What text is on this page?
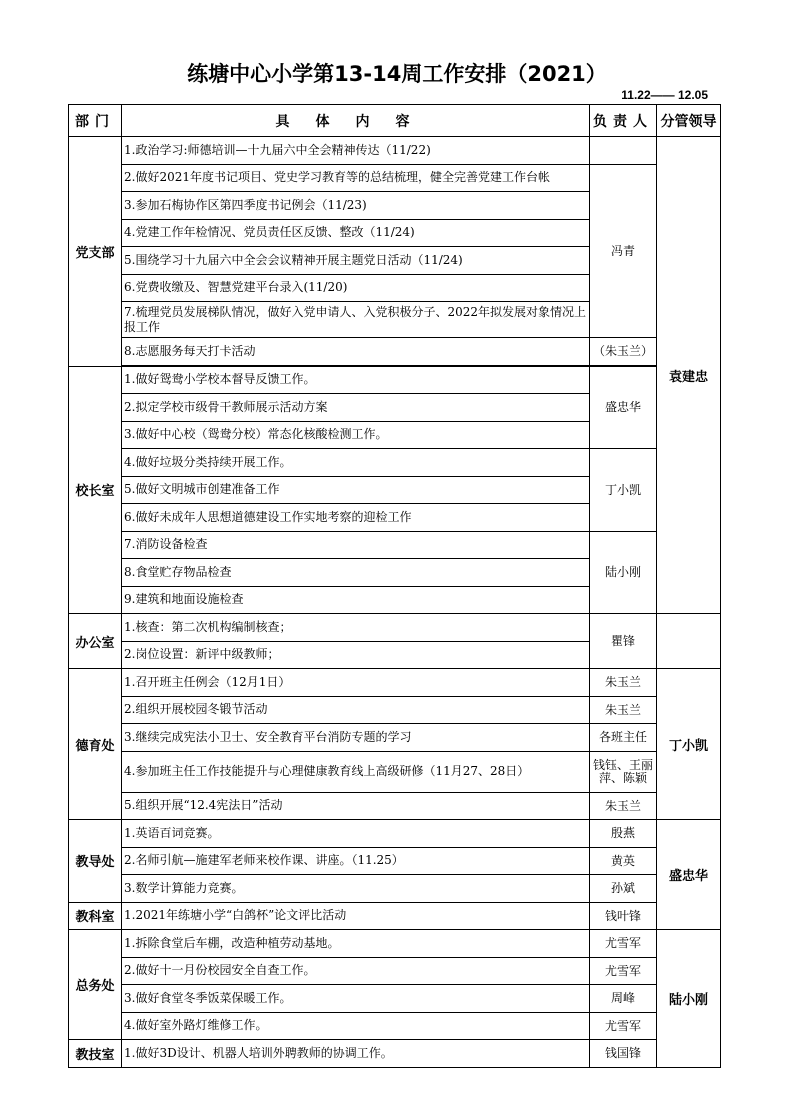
练塘中心小学第13-14周工作安排（2021）
11.22—— 12.05
部门	具体内容	负责人	分管领导
党支部	1.政治学习:师德培训—十九届六中全会精神传达（11/22)		袁建忠
	2.做好2021年度书记项目、党史学习教育等的总结梳理，健全完善党建工作台帐	冯青	
	3.参加石梅协作区第四季度书记例会（11/23)		
	4.党建工作年检情况、党员责任区反馈、整改（11/24)		
	5.围绕学习十九届六中全会会议精神开展主题党日活动（11/24)		
	6.党费收缴及、智慧党建平台录入(11/20)		
	7.梳理党员发展梯队情况，做好入党申请人、入党积极分子、2022年拟发展对象情况上报工作		
	8.志愿服务每天打卡活动	（朱玉兰）	

校长室	1.做好鸳鸯小学校本督导反馈工作。	盛忠华	
	2.拟定学校市级骨干教师展示活动方案		
	3.做好中心校（鸳鸯分校）常态化核酸检测工作。		
	4.做好垃圾分类持续开展工作。	丁小凯	
	5.做好文明城市创建准备工作		
	6.做好未成年人思想道德建设工作实地考察的迎检工作		
	7.消防设备检查	陆小刚	
	8.食堂贮存物品检查		
	9.建筑和地面设施检查		
办公室	1.核查：第二次机构编制核查；	瞿锋	
	2.岗位设置：新评中级教师；		
德育处	1.召开班主任例会（12月1日）	朱玉兰	丁小凯
	2.组织开展校园冬锻节活动	朱玉兰	
	3.继续完成宪法小卫士、安全教育平台消防专题的学习	各班主任	
	4.参加班主任工作技能提升与心理健康教育线上高级研修（11月27、28日）	钱钰、王丽萍、陈颖	
	5.组织开展“12.4宪法日”活动	朱玉兰	
教导处	1.英语百词竞赛。	殷燕	盛忠华
	2.名师引航—施建军老师来校作课、讲座。（11.25）	黄英	
	3.数学计算能力竞赛。	孙斌	
教科室	1.2021年练塘小学“白鸽杯”论文评比活动	钱叶锋	
总务处	1.拆除食堂后车棚，改造种植劳动基地。	尤雪军	陆小刚
	2.做好十一月份校园安全自查工作。	尤雪军	
	3.做好食堂冬季饭菜保暖工作。	周峰	
	4.做好室外路灯维修工作。	尤雪军	
教技室	1.做好3D设计、机器人培训外聘教师的协调工作。	钱国锋	
